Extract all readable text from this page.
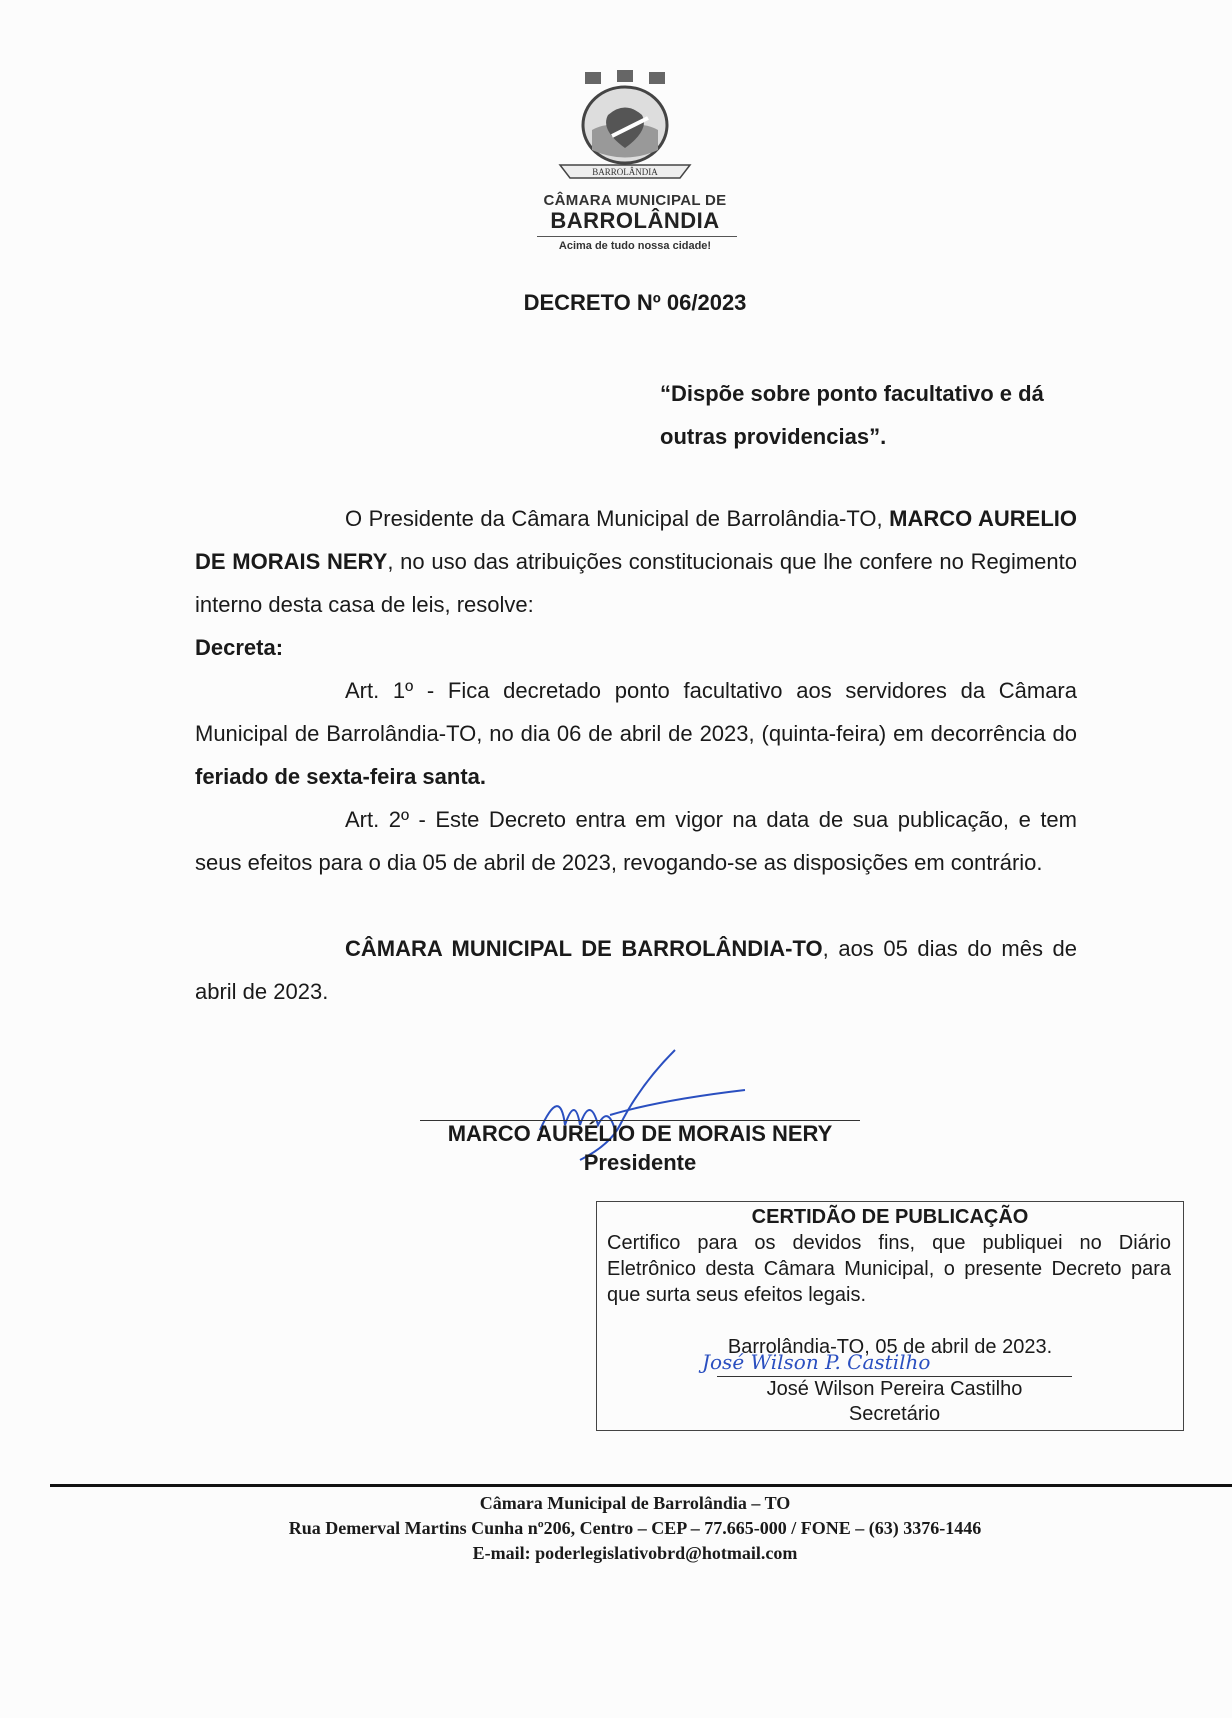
BARROLÂNDIA
CÂMARA MUNICIPAL DE
BARROLÂNDIA
Acima de tudo nossa cidade!
DECRETO Nº 06/2023
“Dispõe sobre ponto facultativo e dá outras providencias”.
O Presidente da Câmara Municipal de Barrolândia-TO, MARCO AURELIO DE MORAIS NERY, no uso das atribuições constitucionais que lhe confere no Regimento interno desta casa de leis, resolve:
Decreta:
Art. 1º - Fica decretado ponto facultativo aos servidores da Câmara Municipal de Barrolândia-TO, no dia 06 de abril de 2023, (quinta-feira) em decorrência do feriado de sexta-feira santa.
Art. 2º - Este Decreto entra em vigor na data de sua publicação, e tem seus efeitos para o dia 05 de abril de 2023, revogando-se as disposições em contrário.
CÂMARA MUNICIPAL DE BARROLÂNDIA-TO, aos 05 dias do mês de abril de 2023.
MARCO AURÉLIO DE MORAIS NERY
Presidente
CERTIDÃO DE PUBLICAÇÃO
Certifico para os devidos fins, que publiquei no Diário Eletrônico desta Câmara Municipal, o presente Decreto para que surta seus efeitos legais.
Barrolândia-TO, 05 de abril de 2023.
José Wilson P. Castilho
José Wilson Pereira Castilho
Secretário
Câmara Municipal de Barrolândia – TO
Rua Demerval Martins Cunha nº206, Centro – CEP – 77.665-000 / FONE – (63) 3376-1446
E-mail: poderlegislativobrd@hotmail.com
